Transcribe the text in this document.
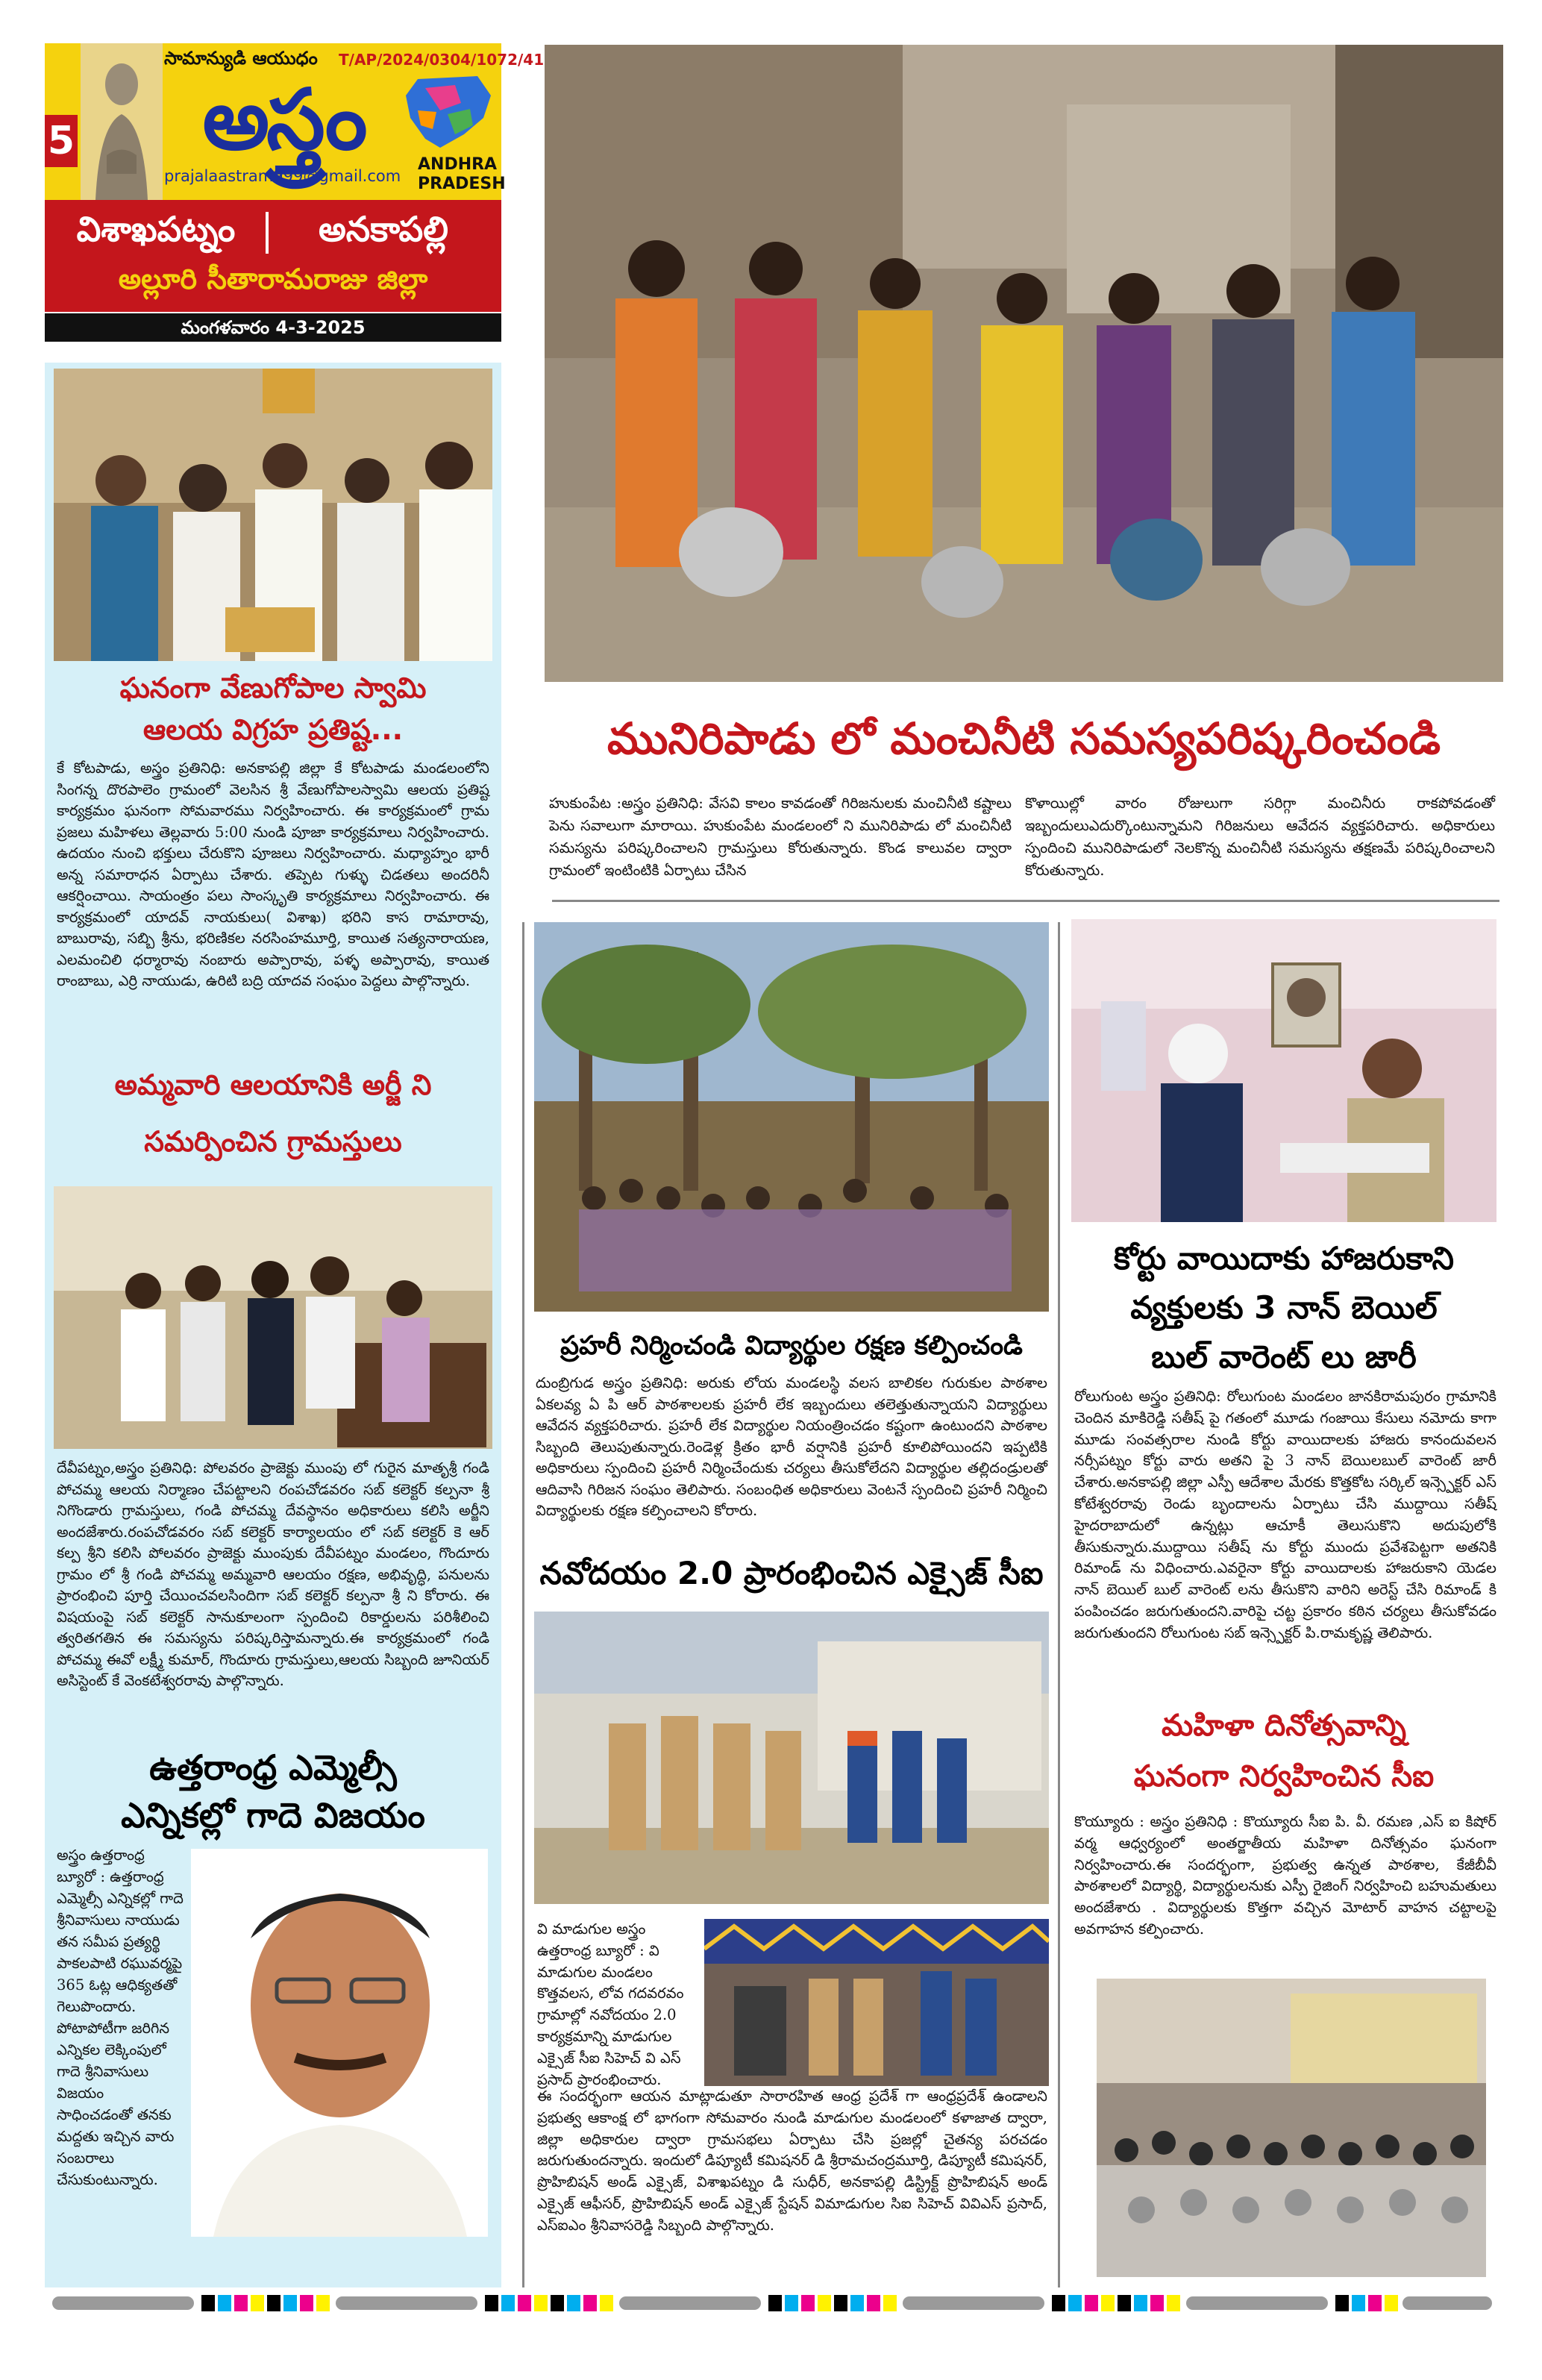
5
సామాన్యుడి ఆయుధం T/AP/2024/0304/1072/41
అస్త్రం	ANDHRA
PRADESH
prajalaastram999@gmail.com
విశాఖపట్నం	అనకాపల్లి
అల్లూరి సీతారామరాజు జిల్లా
మంగళవారం 4-3-2025

ఘనంగా వేణుగోపాల స్వామి

ఆలయ విగ్రహ ప్రతిష్ట...

కే కోటపాడు, అస్త్రం ప్రతినిధి: అనకాపల్లి జిల్లా కే కోటపాడు మండలంలోని సింగన్న దొరపాలెం గ్రామంలో వెలసిన శ్రీ వేణుగోపాలస్వామి ఆలయ ప్రతిష్ట కార్యక్రమం ఘనంగా సోమవారము నిర్వహించారు. ఈ కార్యక్రమంలో గ్రామ ప్రజలు మహిళలు తెల్లవారు 5:00 నుండి పూజా కార్యక్రమాలు నిర్వహించారు. ఉదయం నుంచి భక్తులు చేరుకొని పూజలు నిర్వహించారు. మధ్యాహ్నం భారీ అన్న సమారాధన ఏర్పాటు చేశారు. తప్పెట గుళ్ళు చిడతలు అందరినీ ఆకర్షించాయి. సాయంత్రం పలు సాంస్కృతి కార్యక్రమాలు నిర్వహించారు. ఈ కార్యక్రమంలో యాదవ్ నాయకులు( విశాఖ) భరిని కాస రామారావు, బాబురావు, సబ్బి శ్రీను, భరిణికల నరసింహమూర్తి, కాయిత సత్యనారాయణ, ఎలమంచిలి ధర్మారావు నంబారు అప్పారావు, పళ్ళ అప్పారావు, కాయిత రాంబాబు, ఎర్రి నాయుడు, ఉరిటి బద్రి యాదవ సంఘం పెద్దలు పాల్గొన్నారు.

అమ్మవారి ఆలయానికి అర్జీ ని

సమర్పించిన గ్రామస్తులు

దేవీపట్నం,అస్త్రం ప్రతినిధి: పోలవరం ప్రాజెక్టు ముంపు లో గురైన మాతృశ్రీ గండి పోచమ్మ ఆలయ నిర్మాణం చేపట్టాలని రంపచోడవరం సబ్ కలెక్టర్ కల్పనా శ్రీ నిగొండారు గ్రామస్తులు, గండి పోచమ్మ దేవస్థానం అధికారులు కలిసి అర్జీని అందజేశారు.రంపచోడవరం సబ్ కలెక్టర్ కార్యాలయం లో సబ్ కలెక్టర్ కె ఆర్ కల్ప శ్రీని కలిసి పోలవరం ప్రాజెక్టు ముంపుకు దేవీపట్నం మండలం, గొందూరు గ్రామం లో శ్రీ గండి పోచమ్మ అమ్మవారి ఆలయం రక్షణ, అభివృద్ధి, పనులను ప్రారంభించి పూర్తి చేయించవలసిందిగా సబ్ కలెక్టర్ కల్పనా శ్రీ ని కోరారు. ఈ విషయంపై సబ్ కలెక్టర్ సానుకూలంగా స్పందించి రికార్డులను పరిశీలించి త్వరితగతిన ఈ సమస్యను పరిష్కరిస్తామన్నారు.ఈ కార్యక్రమంలో గండి పోచమ్మ ఈవో లక్ష్మీ కుమార్, గొందూరు గ్రామస్తులు,ఆలయ సిబ్బంది జూనియర్ అసిస్టెంట్ కే వెంకటేశ్వరరావు పాల్గొన్నారు.

ఉత్తరాంధ్ర ఎమ్మెల్సీ

ఎన్నికల్లో గాదె విజయం

అస్త్రం ఉత్తరాంధ్ర బ్యూరో : ఉత్తరాంధ్ర ఎమ్మెల్సీ ఎన్నికల్లో గాదె శ్రీనివాసులు నాయుడు తన సమీప ప్రత్యర్థి పాకలపాటి రఘువర్మపై 365 ఓట్ల ఆధిక్యతతో గెలుపొందారు. పోటాపోటీగా జరిగిన ఎన్నికల లెక్కింపులో గాదె శ్రీనివాసులు విజయం సాధించడంతో తనకు మద్దతు ఇచ్చిన వారు సంబరాలు చేసుకుంటున్నారు.

మునిరిపాడు లో మంచినీటి సమస్యపరిష్కరించండి

హుకుంపేట :అస్త్రం ప్రతినిధి: వేసవి కాలం కావడంతో గిరిజనులకు మంచినీటి కష్టాలు పెను సవాలుగా మారాయి. హుకుంపేట మండలంలో ని మునిరిపాడు లో మంచినీటి సమస్యను పరిష్కరించాలని గ్రామస్తులు కోరుతున్నారు. కొండ కాలువల ద్వారా గ్రామంలో ఇంటింటికి ఏర్పాటు చేసిన

కొళాయిల్లో వారం రోజులుగా సరిగ్గా మంచినీరు రాకపోవడంతో ఇబ్బందులుఎదుర్కొంటున్నామని గిరిజనులు ఆవేదన వ్యక్తపరిచారు. అధికారులు స్పందించి మునిరిపాడులో నెలకొన్న మంచినీటి సమస్యను తక్షణమే పరిష్కరించాలని కోరుతున్నారు.

ప్రహరీ నిర్మించండి విద్యార్థుల రక్షణ కల్పించండి

దుంబ్రిగుడ అస్త్రం ప్రతినిధి: అరుకు లోయ మండలస్థి వలస బాలికల గురుకుల పాఠశాల ఏకలవ్య ఏ పి ఆర్ పాఠశాలలకు ప్రహరీ లేక ఇబ్బందులు తలెత్తుతున్నాయని విద్యార్థులు ఆవేదన వ్యక్తపరిచారు. ప్రహరీ లేక విద్యార్థుల నియంత్రించడం కష్టంగా ఉంటుందని పాఠశాల సిబ్బంది తెలుపుతున్నారు.రెండెళ్ల క్రితం భారీ వర్షానికి ప్రహరీ కూలిపోయిందని ఇప్పటికి అధికారులు స్పందించి ప్రహరీ నిర్మించేందుకు చర్యలు తీసుకోలేదని విద్యార్థుల తల్లిదండ్రులతో ఆదివాసి గిరిజన సంఘం తెలిపారు. సంబంధిత అధికారులు వెంటనే స్పందించి ప్రహరీ నిర్మించి విద్యార్థులకు రక్షణ కల్పించాలని కోరారు.

నవోదయం 2.0 ప్రారంభించిన ఎక్సైజ్ సీఐ

వి మాడుగుల అస్త్రం ఉత్తరాంధ్ర బ్యూరో : వి మాడుగుల మండలం కొత్తవలస, లోవ గదవరవం గ్రామాల్లో నవోదయం 2.0 కార్యక్రమాన్ని మాడుగుల ఎక్సైజ్ సీఐ సిహెచ్ వి ఎస్ ప్రసాద్ ప్రారంభించారు.

ఈ సందర్భంగా ఆయన మాట్లాడుతూ సారారహిత ఆంధ్ర ప్రదేశ్ గా ఆంధ్రప్రదేశ్ ఉండాలని ప్రభుత్వ ఆకాంక్ష లో భాగంగా సోమవారం నుండి మాడుగుల మండలంలో కళాజాత ద్వారా, జిల్లా అధికారుల ద్వారా గ్రామసభలు ఏర్పాటు చేసి ప్రజల్లో చైతన్య పరచడం జరుగుతుందన్నారు. ఇందులో డిప్యూటీ కమిషనర్ డి శ్రీరామచంద్రమూర్తి, డిప్యూటీ కమిషనర్, ప్రొహిబిషన్ అండ్ ఎక్సైజ్, విశాఖపట్నం డి సుధీర్, అనకాపల్లి డిస్ట్రిక్ట్ ప్రొహిబిషన్ అండ్ ఎక్సైజ్ ఆఫీసర్, ప్రొహిబిషన్ అండ్ ఎక్సైజ్ స్టేషన్ విమాడుగుల సిఐ సిహెచ్ వివిఎస్ ప్రసాద్, ఎస్ఐఎం శ్రీనివాసరెడ్డి సిబ్బంది పాల్గొన్నారు.

కోర్టు వాయిదాకు హాజరుకాని

వ్యక్తులకు 3 నాన్ బెయిల్

బుల్ వారెంట్ లు జారీ

రోలుగుంట అస్త్రం ప్రతినిధి: రోలుగుంట మండలం జానకిరామపురం గ్రామానికి చెందిన మాకిరెడ్డి సతీష్ పై గతంలో మూడు గంజాయి కేసులు నమోదు కాగా మూడు సంవత్సరాల నుండి కోర్టు వాయిదాలకు హాజరు కానందువలన నర్సీపట్నం కోర్టు వారు అతని పై 3 నాన్ బెయిలబుల్ వారెంట్ జారీ చేశారు.అనకాపల్లి జిల్లా ఎస్పీ ఆదేశాల మేరకు కొత్తకోట సర్కిల్ ఇన్స్పెక్టర్ ఎస్ కోటేశ్వరరావు రెండు బృందాలను ఏర్పాటు చేసి ముద్దాయి సతీష్ హైదరాబాదులో ఉన్నట్లు ఆచూకీ తెలుసుకొని అదుపులోకి తీసుకున్నారు.ముద్దాయి సతీష్ ను కోర్టు ముందు ప్రవేశపెట్టగా అతనికి రిమాండ్ ను విధించారు.ఎవరైనా కోర్టు వాయిదాలకు హాజరుకాని యెడల నాన్ బెయిల్ బుల్ వారెంట్ లను తీసుకొని వారిని అరెస్ట్ చేసి రిమాండ్ కి పంపించడం జరుగుతుందని.వారిపై చట్ట ప్రకారం కఠిన చర్యలు తీసుకోవడం జరుగుతుందని రోలుగుంట సబ్ ఇన్స్పెక్టర్ పి.రామకృష్ణ తెలిపారు.

మహిళా దినోత్సవాన్ని

ఘనంగా నిర్వహించిన సీఐ

కొయ్యూరు : అస్త్రం ప్రతినిధి : కొయ్యూరు సీఐ పి. వీ. రమణ ,ఎస్ ఐ కిషోర్ వర్మ ఆధ్వర్యంలో అంతర్జాతీయ మహిళా దినోత్సవం ఘనంగా నిర్వహించారు.ఈ సందర్భంగా, ప్రభుత్వ ఉన్నత పాఠశాల, కేజీబీవీ పాఠశాలలో విద్యార్థి, విద్యార్థులనుకు ఎస్పీ రైజింగ్ నిర్వహించి బహుమతులు అందజేశారు . విద్యార్థులకు కొత్తగా వచ్చిన మోటార్ వాహన చట్టాలపై అవగాహన కల్పించారు.
